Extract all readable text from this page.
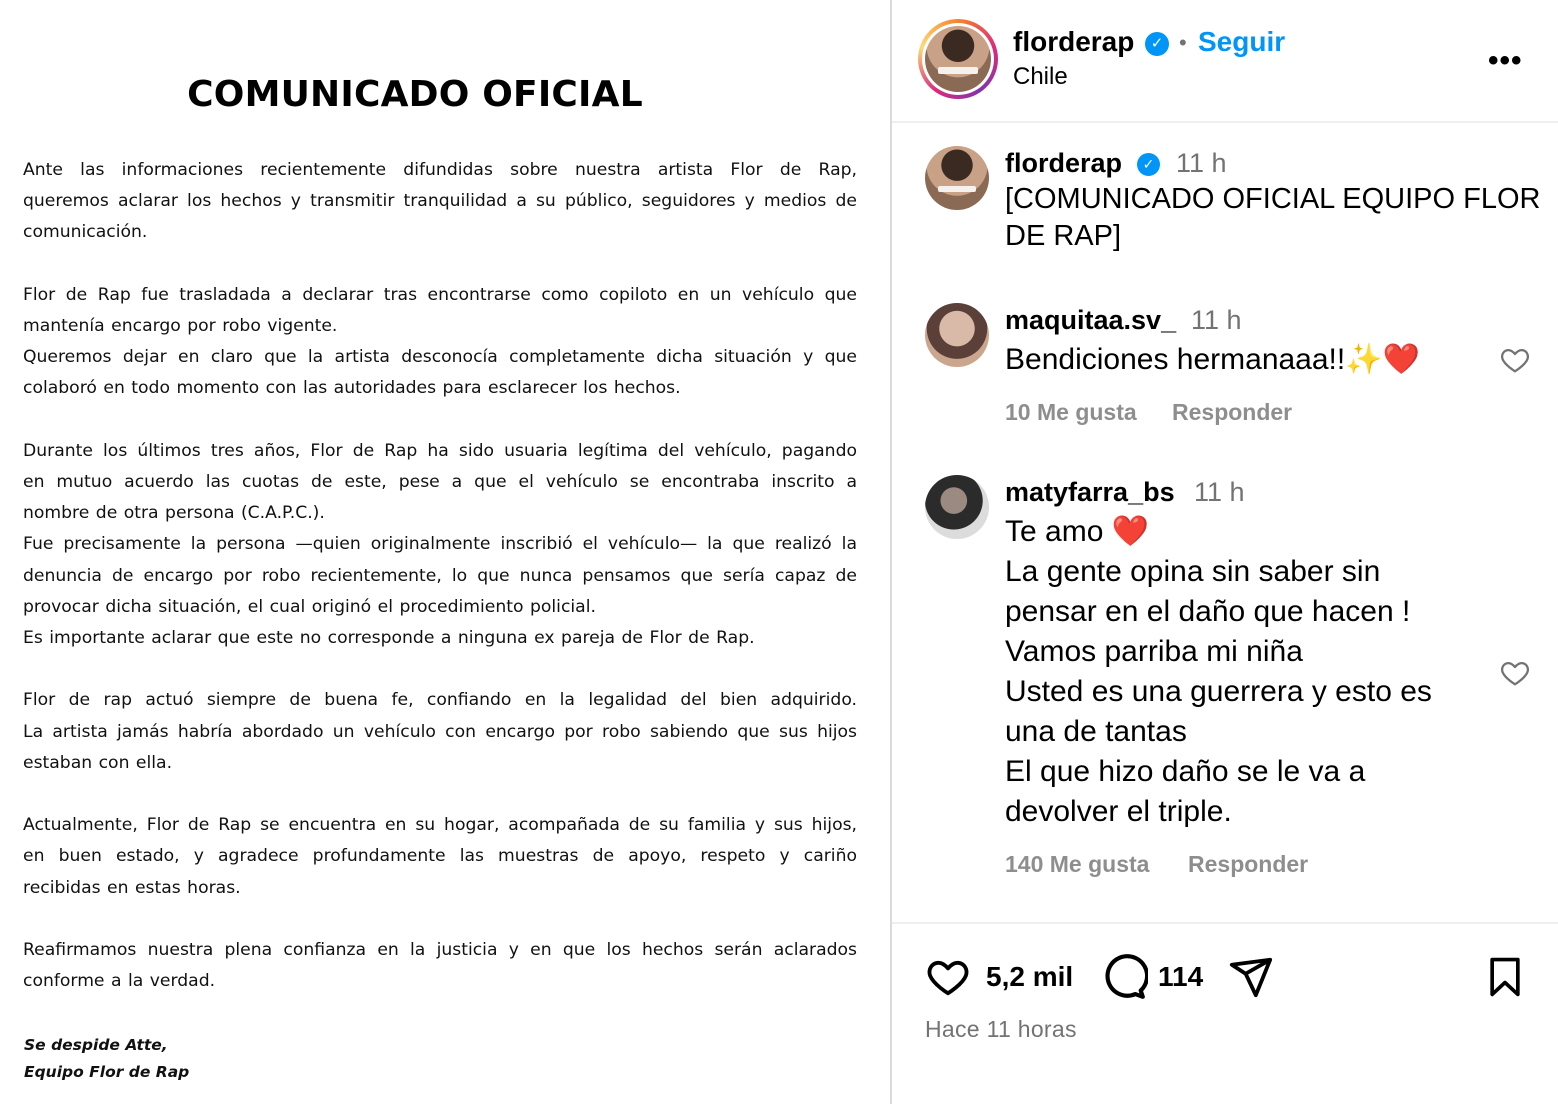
COMUNICADO OFICIAL

Ante las informaciones recientemente difundidas sobre nuestra artista Flor de Rap,
queremos aclarar los hechos y transmitir tranquilidad a su público, seguidores y medios de
comunicación.

Flor de Rap fue trasladada a declarar tras encontrarse como copiloto en un vehículo que
mantenía encargo por robo vigente.
Queremos dejar en claro que la artista desconocía completamente dicha situación y que
colaboró en todo momento con las autoridades para esclarecer los hechos.

Durante los últimos tres años, Flor de Rap ha sido usuaria legítima del vehículo, pagando
en mutuo acuerdo las cuotas de este, pese a que el vehículo se encontraba inscrito a
nombre de otra persona (C.A.P.C.).
Fue precisamente la persona —quien originalmente inscribió el vehículo— la que realizó la
denuncia de encargo por robo recientemente, lo que nunca pensamos que sería capaz de
provocar dicha situación, el cual originó el procedimiento policial.
Es importante aclarar que este no corresponde a ninguna ex pareja de Flor de Rap.

Flor de rap actuó siempre de buena fe, confiando en la legalidad del bien adquirido.
La artista jamás habría abordado un vehículo con encargo por robo sabiendo que sus hijos
estaban con ella.

Actualmente, Flor de Rap se encuentra en su hogar, acompañada de su familia y sus hijos,
en buen estado, y agradece profundamente las muestras de apoyo, respeto y cariño
recibidas en estas horas.

Reafirmamos nuestra plena confianza en la justicia y en que los hechos serán aclarados
conforme a la verdad.

Se despide Atte,
Equipo Flor de Rap
florderap	✓ • Seguir
Chile	•••
florderap	✓ 11 h
[COMUNICADO OFICIAL EQUIPO FLOR
DE RAP]
maquitaa.sv_ 11 h
Bendiciones hermanaaa!!✨❤️
10 Me gusta Responder
matyfarra_bs 11 h
Te amo ❤️
La gente opina sin saber sin
pensar en el daño que hacen !
Vamos parriba mi niña
Usted es una guerrera y esto es
una de tantas
El que hizo daño se le va a
devolver el triple.
140 Me gusta Responder
5,2 mil	114
Hace 11 horas
